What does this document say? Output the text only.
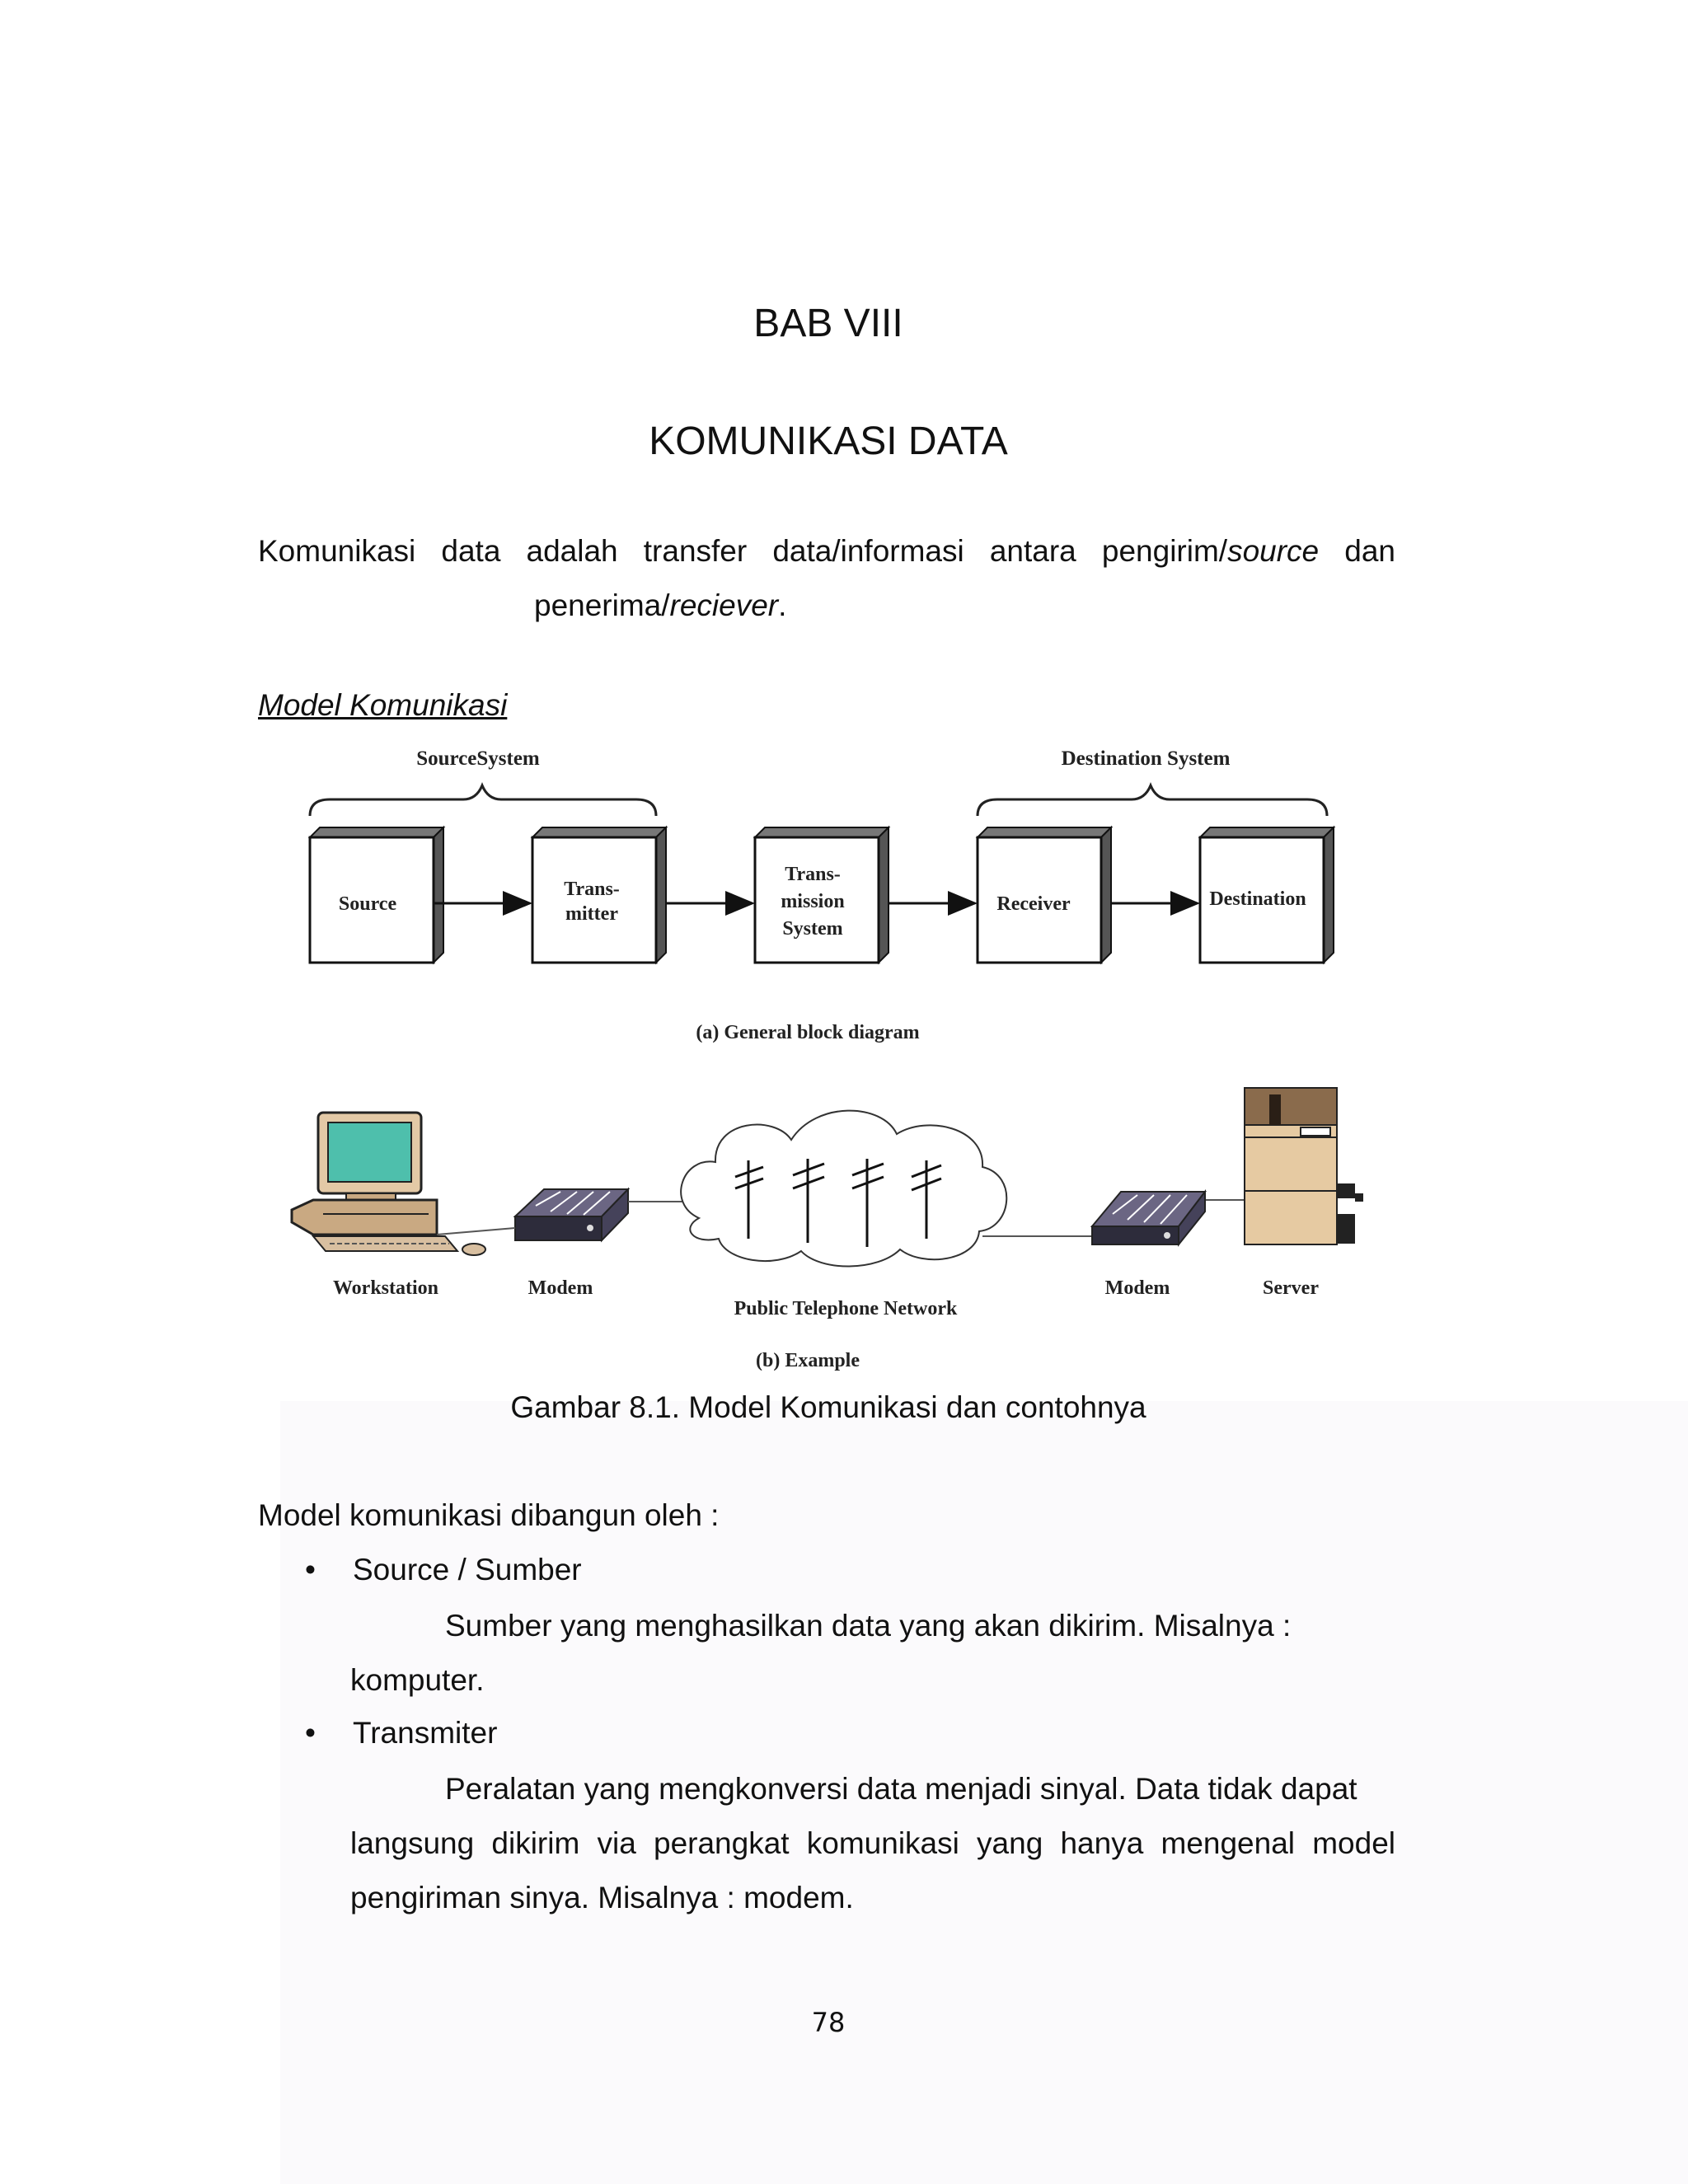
BAB VIII
KOMUNIKASI DATA
Komunikasi data adalah transfer data/informasi antara pengirim/source dan
penerima/reciever.
Model Komunikasi
SourceSystem	Destination System
Source
Trans-
mitter
Trans-
mission
System
Receiver	Destination
(a) General block diagram
Workstation	Modem
Public Telephone Network
Modem	Server
(b) Example
Gambar 8.1. Model Komunikasi dan contohnya
Model komunikasi dibangun oleh :
• Source / Sumber
Sumber yang menghasilkan data yang akan dikirim. Misalnya :
komputer.
• Transmiter
Peralatan yang mengkonversi data menjadi sinyal. Data tidak dapat
langsung dikirim via perangkat komunikasi yang hanya mengenal model pengiriman sinya. Misalnya : modem.
78
